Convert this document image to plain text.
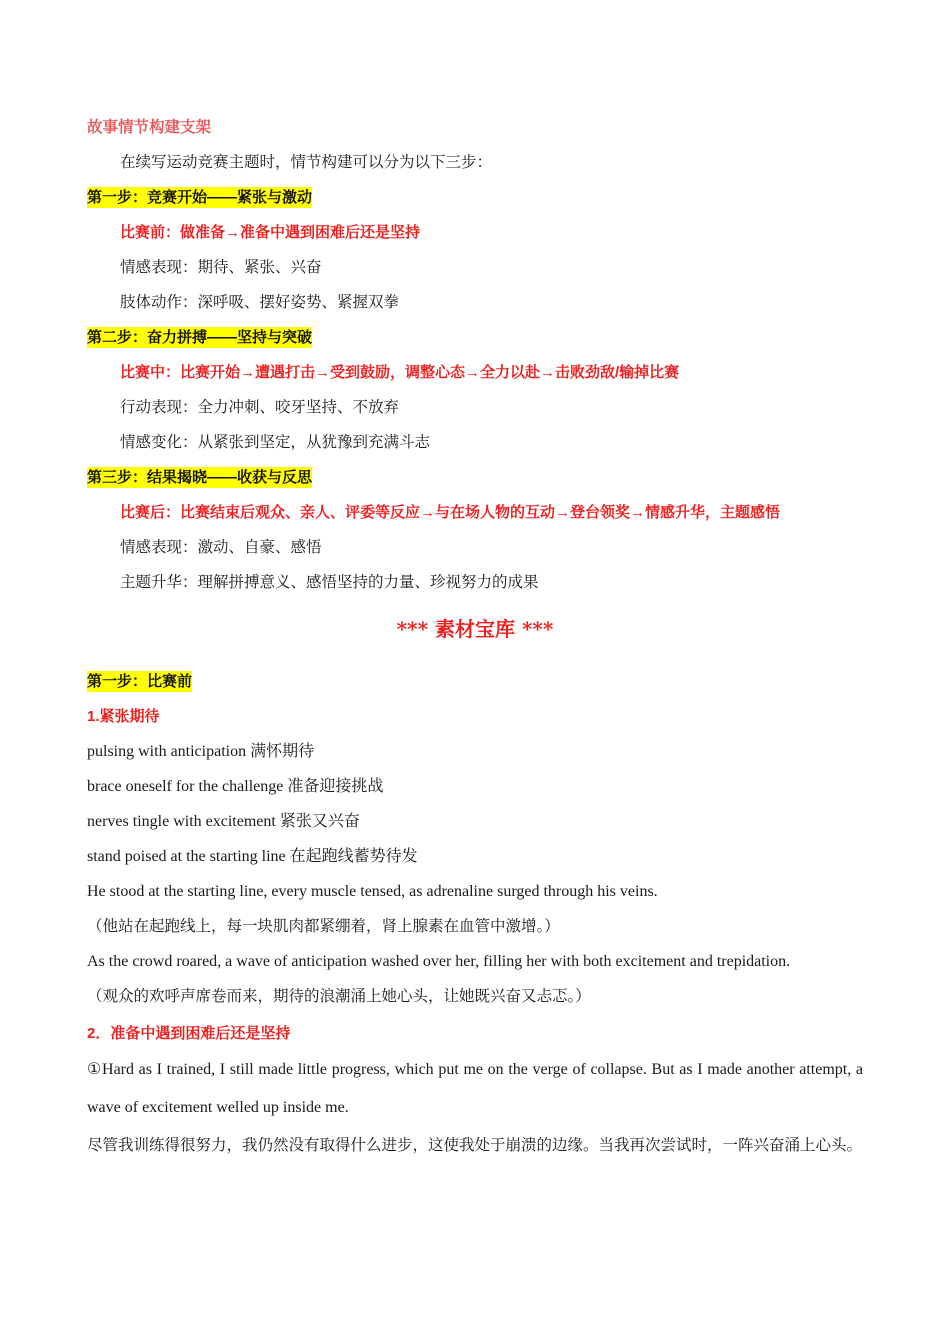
故事情节构建支架
在续写运动竞赛主题时，情节构建可以分为以下三步：
第一步：竞赛开始——紧张与激动
比赛前：做准备→准备中遇到困难后还是坚持
情感表现：期待、紧张、兴奋
肢体动作：深呼吸、摆好姿势、紧握双拳
第二步：奋力拼搏——坚持与突破
比赛中：比赛开始→遭遇打击→受到鼓励，调整心态→全力以赴→击败劲敌/输掉比赛
行动表现：全力冲刺、咬牙坚持、不放弃
情感变化：从紧张到坚定，从犹豫到充满斗志
第三步：结果揭晓——收获与反思
比赛后：比赛结束后观众、亲人、评委等反应→与在场人物的互动→登台领奖→情感升华，主题感悟
情感表现：激动、自豪、感悟
主题升华：理解拼搏意义、感悟坚持的力量、珍视努力的成果
*** 素材宝库 ***
第一步：比赛前
1.紧张期待
pulsing with anticipation 满怀期待
brace oneself for the challenge 准备迎接挑战
nerves tingle with excitement 紧张又兴奋
stand poised at the starting line 在起跑线蓄势待发
He stood at the starting line, every muscle tensed, as adrenaline surged through his veins.
（他站在起跑线上，每一块肌肉都紧绷着，肾上腺素在血管中激增。）
As the crowd roared, a wave of anticipation washed over her, filling her with both excitement and trepidation.
（观众的欢呼声席卷而来，期待的浪潮涌上她心头，让她既兴奋又忐忑。）
2．准备中遇到困难后还是坚持
①Hard as I trained, I still made little progress, which put me on the verge of collapse. But as I made another attempt, a wave of excitement welled up inside me.
尽管我训练得很努力，我仍然没有取得什么进步，这使我处于崩溃的边缘。当我再次尝试时，一阵兴奋涌上心头。
